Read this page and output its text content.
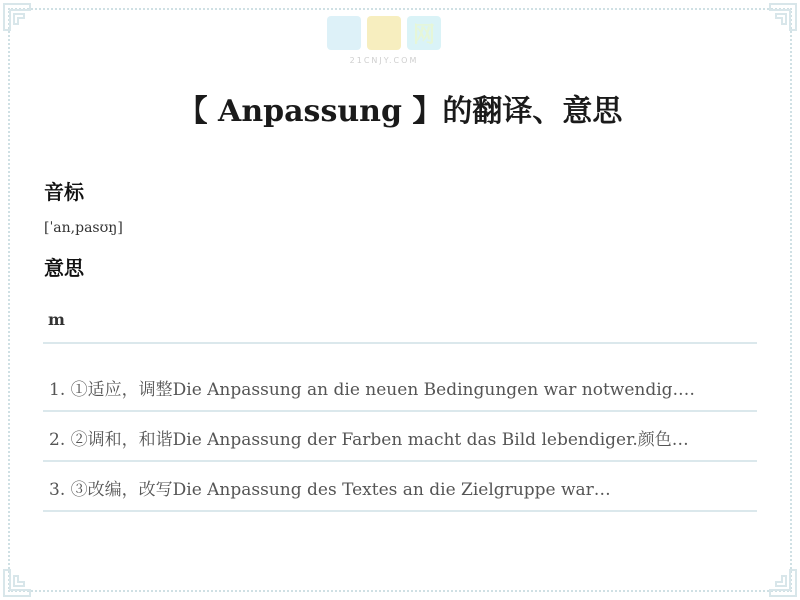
网
21CNJY.COM
【 Anpassung 】的翻译、意思
音标
[ˈan,pasʊŋ]
意思
m
1. ①适应，调整Die Anpassung an die neuen Bedingungen war notwendig.…
2. ②调和，和谐Die Anpassung der Farben macht das Bild lebendiger.颜色…
3. ③改编，改写Die Anpassung des Textes an die Zielgruppe war…
